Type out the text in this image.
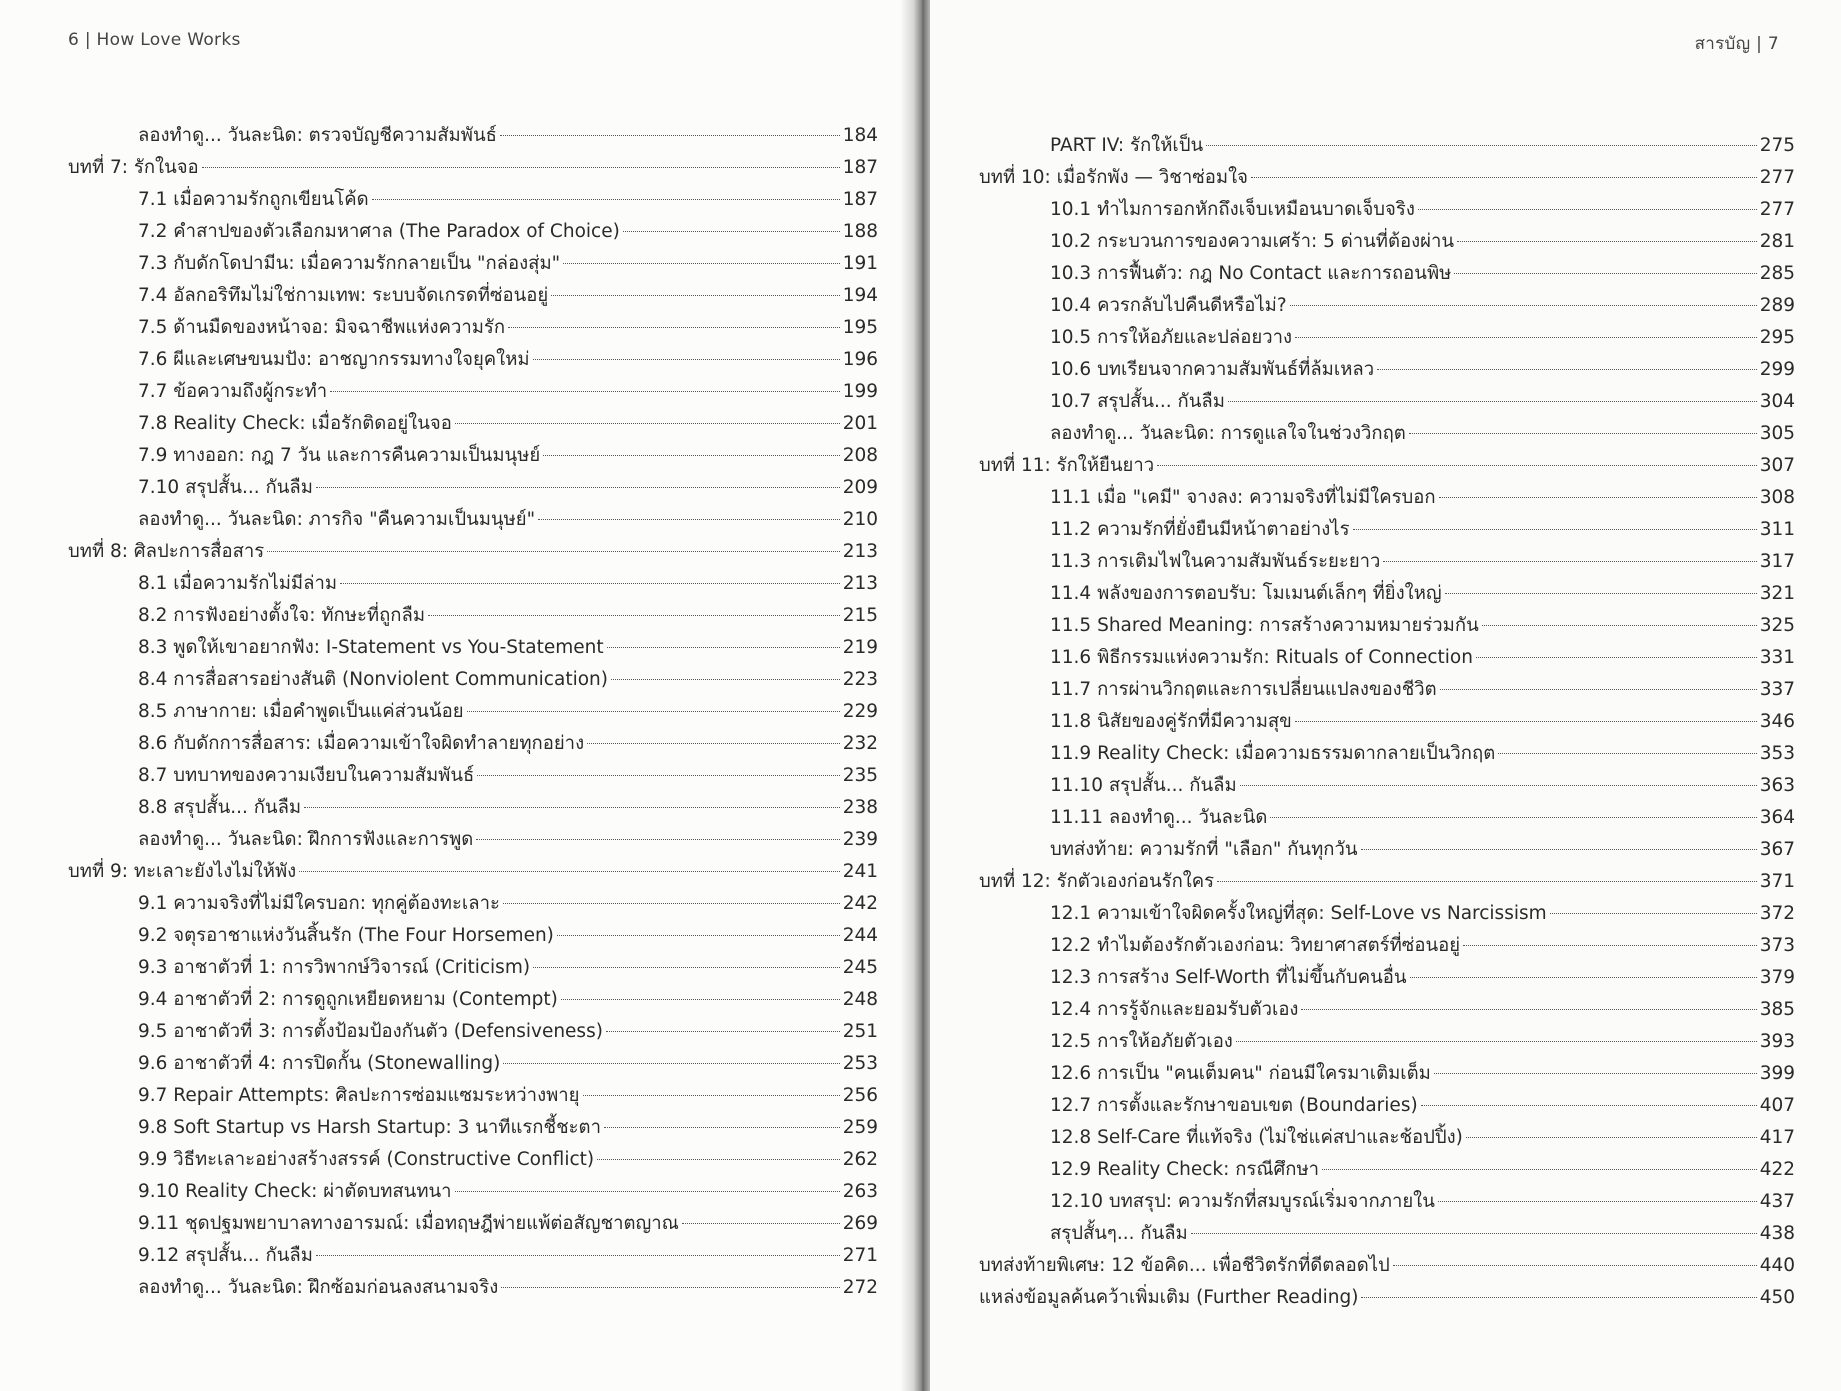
6 | How Love Works
ลองทำดู... วันละนิด: ตรวจบัญชีความสัมพันธ์	184
บทที่ 7: รักในจอ	187
7.1 เมื่อความรักถูกเขียนโค้ด	187
7.2 คำสาปของตัวเลือกมหาศาล (The Paradox of Choice)	188
7.3 กับดักโดปามีน: เมื่อความรักกลายเป็น "กล่องสุ่ม"	191
7.4 อัลกอริทึมไม่ใช่กามเทพ: ระบบจัดเกรดที่ซ่อนอยู่	194
7.5 ด้านมืดของหน้าจอ: มิจฉาชีพแห่งความรัก	195
7.6 ผีและเศษขนมปัง: อาชญากรรมทางใจยุคใหม่	196
7.7 ข้อความถึงผู้กระทำ	199
7.8 Reality Check: เมื่อรักติดอยู่ในจอ	201
7.9 ทางออก: กฎ 7 วัน และการคืนความเป็นมนุษย์	208
7.10 สรุปสั้น... กันลืม	209
ลองทำดู... วันละนิด: ภารกิจ "คืนความเป็นมนุษย์"	210
บทที่ 8: ศิลปะการสื่อสาร	213
8.1 เมื่อความรักไม่มีล่าม	213
8.2 การฟังอย่างตั้งใจ: ทักษะที่ถูกลืม	215
8.3 พูดให้เขาอยากฟัง: I-Statement vs You-Statement	219
8.4 การสื่อสารอย่างสันติ (Nonviolent Communication)	223
8.5 ภาษากาย: เมื่อคำพูดเป็นแค่ส่วนน้อย	229
8.6 กับดักการสื่อสาร: เมื่อความเข้าใจผิดทำลายทุกอย่าง	232
8.7 บทบาทของความเงียบในความสัมพันธ์	235
8.8 สรุปสั้น... กันลืม	238
ลองทำดู... วันละนิด: ฝึกการฟังและการพูด	239
บทที่ 9: ทะเลาะยังไงไม่ให้พัง	241
9.1 ความจริงที่ไม่มีใครบอก: ทุกคู่ต้องทะเลาะ	242
9.2 จตุรอาชาแห่งวันสิ้นรัก (The Four Horsemen)	244
9.3 อาชาตัวที่ 1: การวิพากษ์วิจารณ์ (Criticism)	245
9.4 อาชาตัวที่ 2: การดูถูกเหยียดหยาม (Contempt)	248
9.5 อาชาตัวที่ 3: การตั้งป้อมป้องกันตัว (Defensiveness)	251
9.6 อาชาตัวที่ 4: การปิดกั้น (Stonewalling)	253
9.7 Repair Attempts: ศิลปะการซ่อมแซมระหว่างพายุ	256
9.8 Soft Startup vs Harsh Startup: 3 นาทีแรกชี้ชะตา	259
9.9 วิธีทะเลาะอย่างสร้างสรรค์ (Constructive Conflict)	262
9.10 Reality Check: ผ่าตัดบทสนทนา	263
9.11 ชุดปฐมพยาบาลทางอารมณ์: เมื่อทฤษฎีพ่ายแพ้ต่อสัญชาตญาณ	269
9.12 สรุปสั้น... กันลืม	271
ลองทำดู... วันละนิด: ฝึกซ้อมก่อนลงสนามจริง	272
สารบัญ | 7
PART IV: รักให้เป็น	275
บทที่ 10: เมื่อรักพัง — วิชาซ่อมใจ	277
10.1 ทำไมการอกหักถึงเจ็บเหมือนบาดเจ็บจริง	277
10.2 กระบวนการของความเศร้า: 5 ด่านที่ต้องผ่าน	281
10.3 การฟื้นตัว: กฎ No Contact และการถอนพิษ	285
10.4 ควรกลับไปคืนดีหรือไม่?	289
10.5 การให้อภัยและปล่อยวาง	295
10.6 บทเรียนจากความสัมพันธ์ที่ล้มเหลว	299
10.7 สรุปสั้น... กันลืม	304
ลองทำดู... วันละนิด: การดูแลใจในช่วงวิกฤต	305
บทที่ 11: รักให้ยืนยาว	307
11.1 เมื่อ "เคมี" จางลง: ความจริงที่ไม่มีใครบอก	308
11.2 ความรักที่ยั่งยืนมีหน้าตาอย่างไร	311
11.3 การเติมไฟในความสัมพันธ์ระยะยาว	317
11.4 พลังของการตอบรับ: โมเมนต์เล็กๆ ที่ยิ่งใหญ่	321
11.5 Shared Meaning: การสร้างความหมายร่วมกัน	325
11.6 พิธีกรรมแห่งความรัก: Rituals of Connection	331
11.7 การผ่านวิกฤตและการเปลี่ยนแปลงของชีวิต	337
11.8 นิสัยของคู่รักที่มีความสุข	346
11.9 Reality Check: เมื่อความธรรมดากลายเป็นวิกฤต	353
11.10 สรุปสั้น... กันลืม	363
11.11 ลองทำดู... วันละนิด	364
บทส่งท้าย: ความรักที่ "เลือก" กันทุกวัน	367
บทที่ 12: รักตัวเองก่อนรักใคร	371
12.1 ความเข้าใจผิดครั้งใหญ่ที่สุด: Self-Love vs Narcissism	372
12.2 ทำไมต้องรักตัวเองก่อน: วิทยาศาสตร์ที่ซ่อนอยู่	373
12.3 การสร้าง Self-Worth ที่ไม่ขึ้นกับคนอื่น	379
12.4 การรู้จักและยอมรับตัวเอง	385
12.5 การให้อภัยตัวเอง	393
12.6 การเป็น "คนเต็มคน" ก่อนมีใครมาเติมเต็ม	399
12.7 การตั้งและรักษาขอบเขต (Boundaries)	407
12.8 Self-Care ที่แท้จริง (ไม่ใช่แค่สปาและช้อปปิ้ง)	417
12.9 Reality Check: กรณีศึกษา	422
12.10 บทสรุป: ความรักที่สมบูรณ์เริ่มจากภายใน	437
สรุปสั้นๆ... กันลืม	438
บทส่งท้ายพิเศษ: 12 ข้อคิด... เพื่อชีวิตรักที่ดีตลอดไป	440
แหล่งข้อมูลค้นคว้าเพิ่มเติม (Further Reading)	450
